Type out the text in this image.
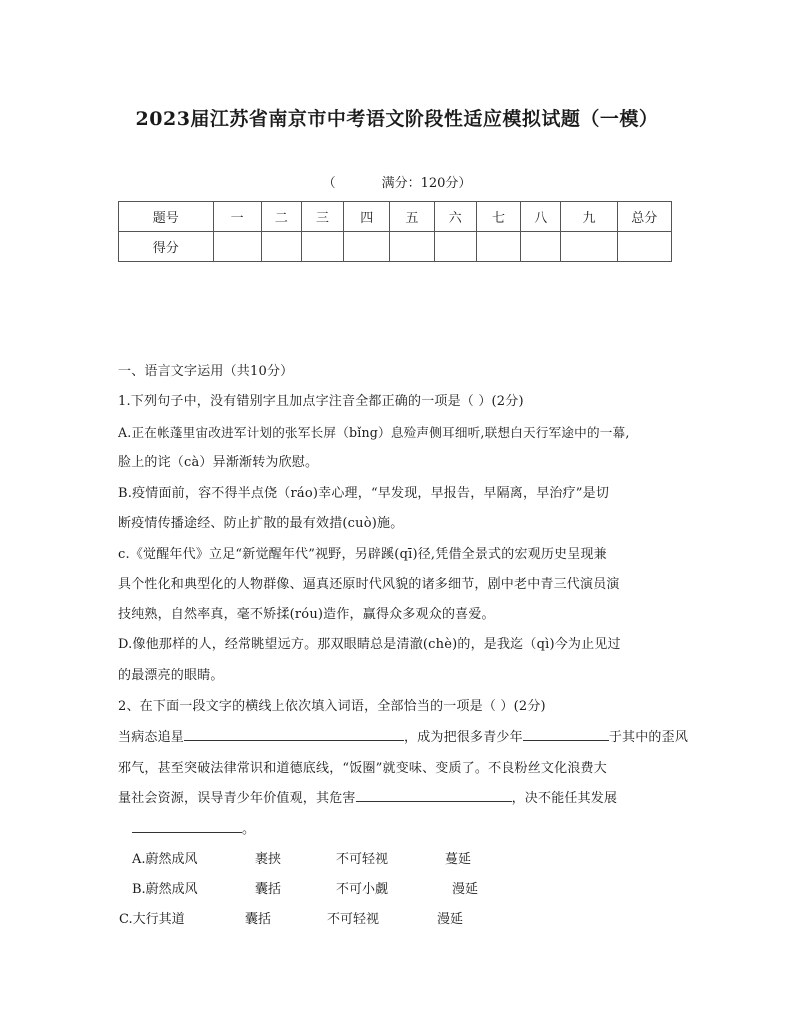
2023届江苏省南京市中考语文阶段性适应模拟试题（一模）
（	满分：120分）
题号	一	二	三	四	五	六	七	八	九	总分
得分										
一、语言文字运用（共10分）
1.下列句子中，没有错别字且加点字注音全都正确的一项是（ ）(2分)
A.正在帐蓬里宙改进军计划的张军长屏（bǐng）息殓声侧耳细听,联想白天行军途中的一幕,
脸上的诧（cà）异渐渐转为欣慰。
B.疫情面前，容不得半点侥（ráo)幸心理，“早发现，早报告，早隔离，早治疗”是切
断疫情传播途经、防止扩散的最有效措(cuò)施。
c.《觉醒年代》立足“新觉醒年代”视野，另辟蹊(qī)径,凭借全景式的宏观历史呈现兼
具个性化和典型化的人物群像、逼真还原时代风貌的诸多细节，剧中老中青三代演员演
技纯熟，自然率真，毫不矫揉(róu)造作，赢得众多观众的喜爱。
D.像他那样的人，经常眺望远方。那双眼睛总是清澈(chè)的，是我迄（qì)今为止见过
的最漂亮的眼睛。
2、在下面一段文字的横线上依次填入词语，全部恰当的一项是（ ）(2分)
当病态追星	，成为把很多青少年	于其中的歪风
邪气，甚至突破法律常识和道德底线，“饭圈”就变味、变质了。不良粉丝文化浪费大
量社会资源，误导青少年价值观，其危害	，决不能任其发展
。
A.蔚然成风	裹挟	不可轻视	蔓延
B.蔚然成风	囊括	不可小觑	漫延
C.大行其道	囊括	不可轻视	漫延
